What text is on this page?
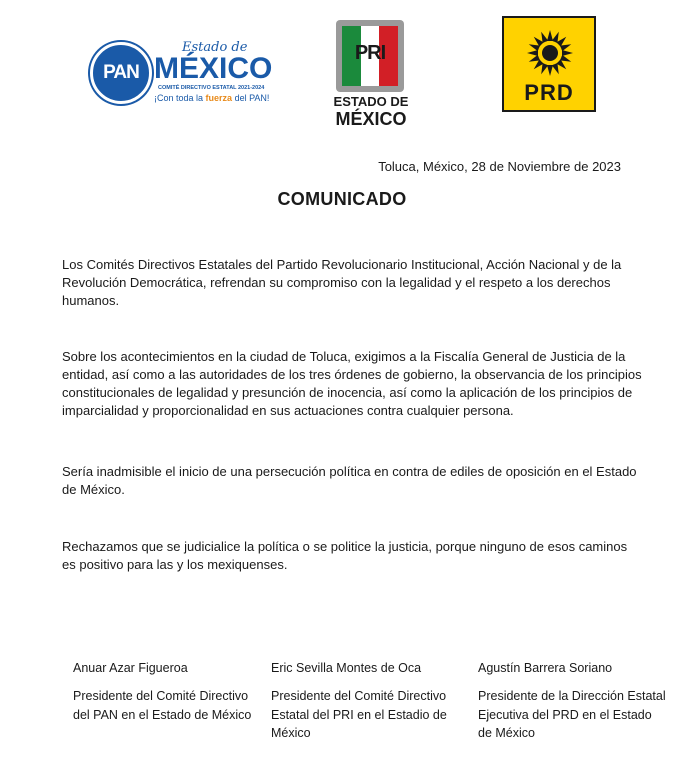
PAN
Estado de
MÉXICO
COMITÉ DIRECTIVO ESTATAL 2021-2024
¡Con toda la fuerza del PAN!
PRI
ESTADO DE
MÉXICO
PRD
Toluca, México, 28 de Noviembre de 2023
COMUNICADO
Los Comités Directivos Estatales del Partido Revolucionario Institucional, Acción Nacional y de la Revolución Democrática, refrendan su compromiso con la legalidad y el respeto a los derechos humanos.
Sobre los acontecimientos en la ciudad de Toluca, exigimos a la Fiscalía General de Justicia de la entidad, así como a las autoridades de los tres órdenes de gobierno, la observancia de los principios constitucionales de legalidad y presunción de inocencia, así como la aplicación de los principios de imparcialidad y proporcionalidad en sus actuaciones contra cualquier persona.
Sería inadmisible el inicio de una persecución política en contra de ediles de oposición en el Estado de México.
Rechazamos que se judicialice la política o se politice la justicia, porque ninguno de esos caminos es positivo para las y los mexiquenses.
Anuar Azar Figueroa
Presidente del Comité Directivo del PAN en el Estado de México
Eric Sevilla Montes de Oca
Presidente del Comité Directivo Estatal del PRI en el Estadio de México
Agustín Barrera Soriano
Presidente de la Dirección Estatal Ejecutiva del PRD en el Estado de México
